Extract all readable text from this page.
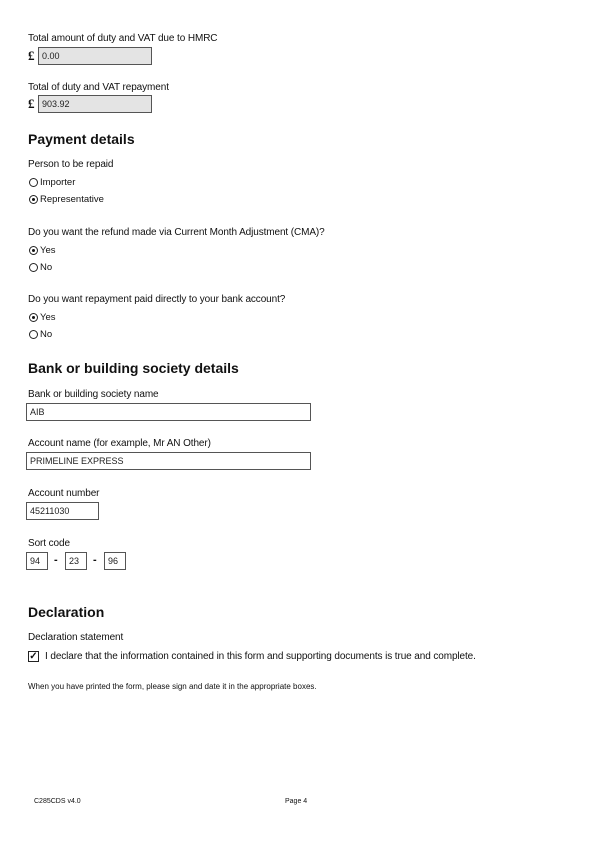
Total amount of duty and VAT due to HMRC
£ 0.00
Total of duty and VAT repayment
£ 903.92
Payment details
Person to be repaid
Importer
Representative
Do you want the refund made via Current Month Adjustment (CMA)?
Yes
No
Do you want repayment paid directly to your bank account?
Yes
No
Bank or building society details
Bank or building society name
AIB
Account name (for example, Mr AN Other)
PRIMELINE EXPRESS
Account number
45211030
Sort code
94	-	23	-	96
Declaration
Declaration statement
✓ I declare that the information contained in this form and supporting documents is true and complete.
When you have printed the form, please sign and date it in the appropriate boxes.
C285CDS v4.0	Page 4
